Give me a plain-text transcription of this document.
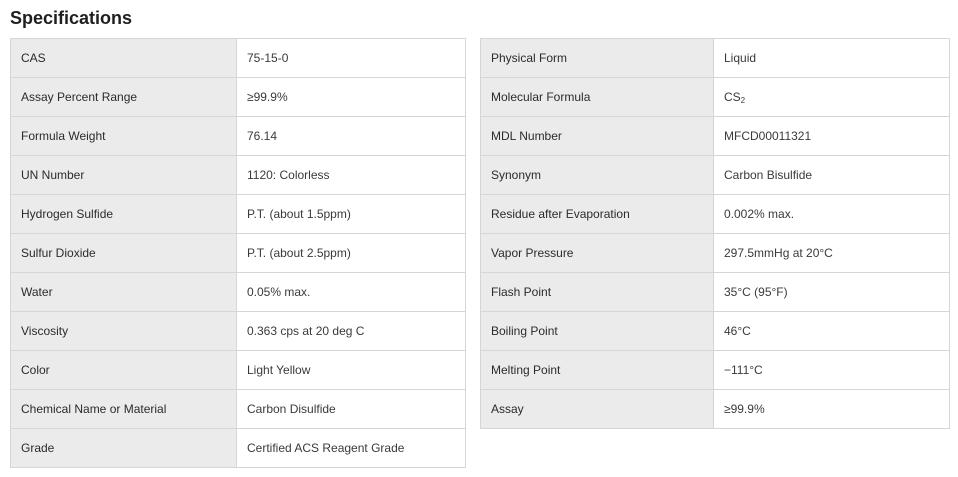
Specifications
CAS	75-15-0
Assay Percent Range	≥99.9%
Formula Weight	76.14
UN Number	1120: Colorless
Hydrogen Sulfide	P.T. (about 1.5ppm)
Sulfur Dioxide	P.T. (about 2.5ppm)
Water	0.05% max.
Viscosity	0.363 cps at 20 deg C
Color	Light Yellow
Chemical Name or Material	Carbon Disulfide
Grade	Certified ACS Reagent Grade
Physical Form	Liquid
Molecular Formula	$CS_2$
MDL Number	MFCD00011321
Synonym	Carbon Bisulfide
Residue after Evaporation	0.002% max.
Vapor Pressure	297.5mmHg at 20°C
Flash Point	35°C (95°F)
Boiling Point	46°C
Melting Point	−111°C
Assay	≥99.9%
